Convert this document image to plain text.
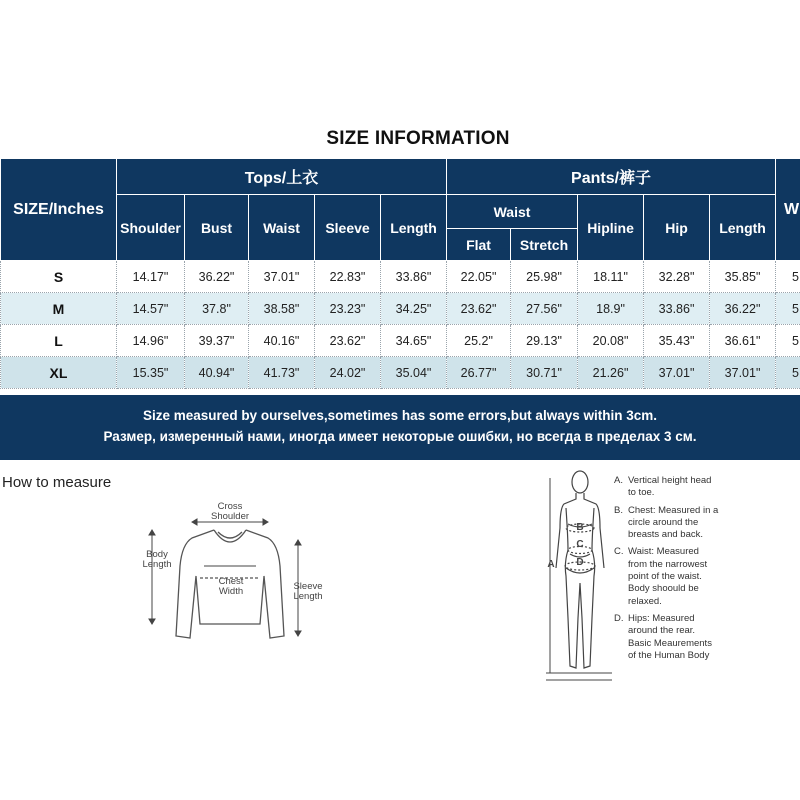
SIZE INFORMATION
SIZE/Inches	Tops/上衣					Pants/裤子					W
	Shoulder	Bust	Waist	Sleeve	Length	Waist		Hipline	Hip	Length	
						Flat	Stretch				
S	14.17"	36.22"	37.01"	22.83"	33.86"	22.05"	25.98"	18.11"	32.28"	35.85"	5
M	14.57"	37.8"	38.58"	23.23"	34.25"	23.62"	27.56"	18.9"	33.86"	36.22"	5
L	14.96"	39.37"	40.16"	23.62"	34.65"	25.2"	29.13"	20.08"	35.43"	36.61"	5
XL	15.35"	40.94"	41.73"	24.02"	35.04"	26.77"	30.71"	21.26"	37.01"	37.01"	5
Size measured by ourselves,sometimes has some errors,but always within 3cm.
Размер, измеренный нами, иногда имеет некоторые ошибки, но всегда в пределах 3 см.
How to measure
Cross
Shoulder
Body
Length
Chest
Width	Sleeve
Length
A
B
C
D
A. Vertical height head
to toe.
B. Chest: Measured in a
circle around the
breasts and back.
C. Waist: Measured
from the narrowest
point of the waist.
Body shoould be
relaxed.
D. Hips: Measured
around the rear.
Basic Meaurements
of the Human Body
